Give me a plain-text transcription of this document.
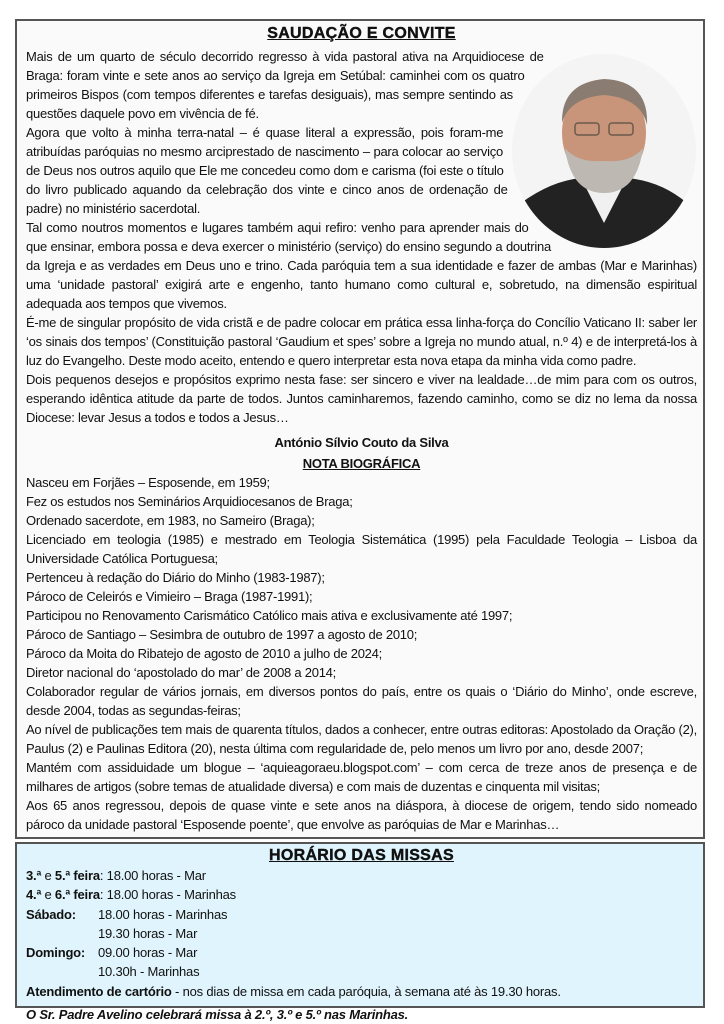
SAUDAÇÃO E CONVITE

Mais de um quarto de século decorrido regresso à vida pastoral ativa na Arquidiocese de Braga: foram vinte e sete anos ao serviço da Igreja em Setúbal: caminhei com os quatro primeiros Bispos (com tempos diferentes e tarefas desiguais), mas sempre sentindo as questões daquele povo em vivência de fé.

Agora que volto à minha terra-natal – é quase literal a expressão, pois foram-me atribuídas paróquias no mesmo arciprestado de nascimento – para colocar ao serviço de Deus nos outros aquilo que Ele me concedeu como dom e carisma (foi este o título do livro publicado aquando da celebração dos vinte e cinco anos de ordenação de padre) no ministério sacerdotal.

Tal como noutros momentos e lugares também aqui refiro: venho para aprender mais do que ensinar, embora possa e deva exercer o ministério (serviço) do ensino segundo a doutrina da Igreja e as verdades em Deus uno e trino. Cada paróquia tem a sua identidade e fazer de ambas (Mar e Marinhas) uma ‘unidade pastoral’ exigirá arte e engenho, tanto humano como cultural e, sobretudo, na dimensão espiritual adequada aos tempos que vivemos.

É-me de singular propósito de vida cristã e de padre colocar em prática essa linha-força do Concílio Vaticano II: saber ler ‘os sinais dos tempos’ (Constituição pastoral ‘Gaudium et spes’ sobre a Igreja no mundo atual, n.º 4) e de interpretá-los à luz do Evangelho. Deste modo aceito, entendo e quero interpretar esta nova etapa da minha vida como padre.

Dois pequenos desejos e propósitos exprimo nesta fase: ser sincero e viver na lealdade…de mim para com os outros, esperando idêntica atitude da parte de todos. Juntos caminharemos, fazendo caminho, como se diz no lema da nossa Diocese: levar Jesus a todos e todos a Jesus…

António Sílvio Couto da Silva
NOTA BIOGRÁFICA

Nasceu em Forjães – Esposende, em 1959;

Fez os estudos nos Seminários Arquidiocesanos de Braga;

Ordenado sacerdote, em 1983, no Sameiro (Braga);

Licenciado em teologia (1985) e mestrado em Teologia Sistemática (1995) pela Faculdade Teologia – Lisboa da Universidade Católica Portuguesa;

Pertenceu à redação do Diário do Minho (1983-1987);

Pároco de Celeirós e Vimieiro – Braga (1987-1991);

Participou no Renovamento Carismático Católico mais ativa e exclusivamente até 1997;

Pároco de Santiago – Sesimbra de outubro de 1997 a agosto de 2010;

Pároco da Moita do Ribatejo de agosto de 2010 a julho de 2024;

Diretor nacional do ‘apostolado do mar’ de 2008 a 2014;

Colaborador regular de vários jornais, em diversos pontos do país, entre os quais o ‘Diário do Minho’, onde escreve, desde 2004, todas as segundas-feiras;

Ao nível de publicações tem mais de quarenta títulos, dados a conhecer, entre outras editoras: Apostolado da Oração (2), Paulus (2) e Paulinas Editora (20), nesta última com regularidade de, pelo menos um livro por ano, desde 2007;

Mantém com assiduidade um blogue – ‘aquieagoraeu.blogspot.com’ – com cerca de treze anos de presença e de milhares de artigos (sobre temas de atualidade diversa) e com mais de duzentas e cinquenta mil visitas;

Aos 65 anos regressou, depois de quase vinte e sete anos na diáspora, à diocese de origem, tendo sido nomeado pároco da unidade pastoral ‘Esposende poente’, que envolve as paróquias de Mar e Marinhas…

HORÁRIO DAS MISSAS
3.ª e 5.ª feira: 18.00 horas - Mar
4.ª e 6.ª feira: 18.00 horas - Marinhas
Sábado: 18.00 horas - Marinhas
19.30 horas - Mar
Domingo: 09.00 horas - Mar
10.30h - Marinhas
Atendimento de cartório - nos dias de missa em cada paróquia, à semana até às 19.30 horas.
O Sr. Padre Avelino celebrará missa à 2.º, 3.º e 5.º nas Marinhas.
